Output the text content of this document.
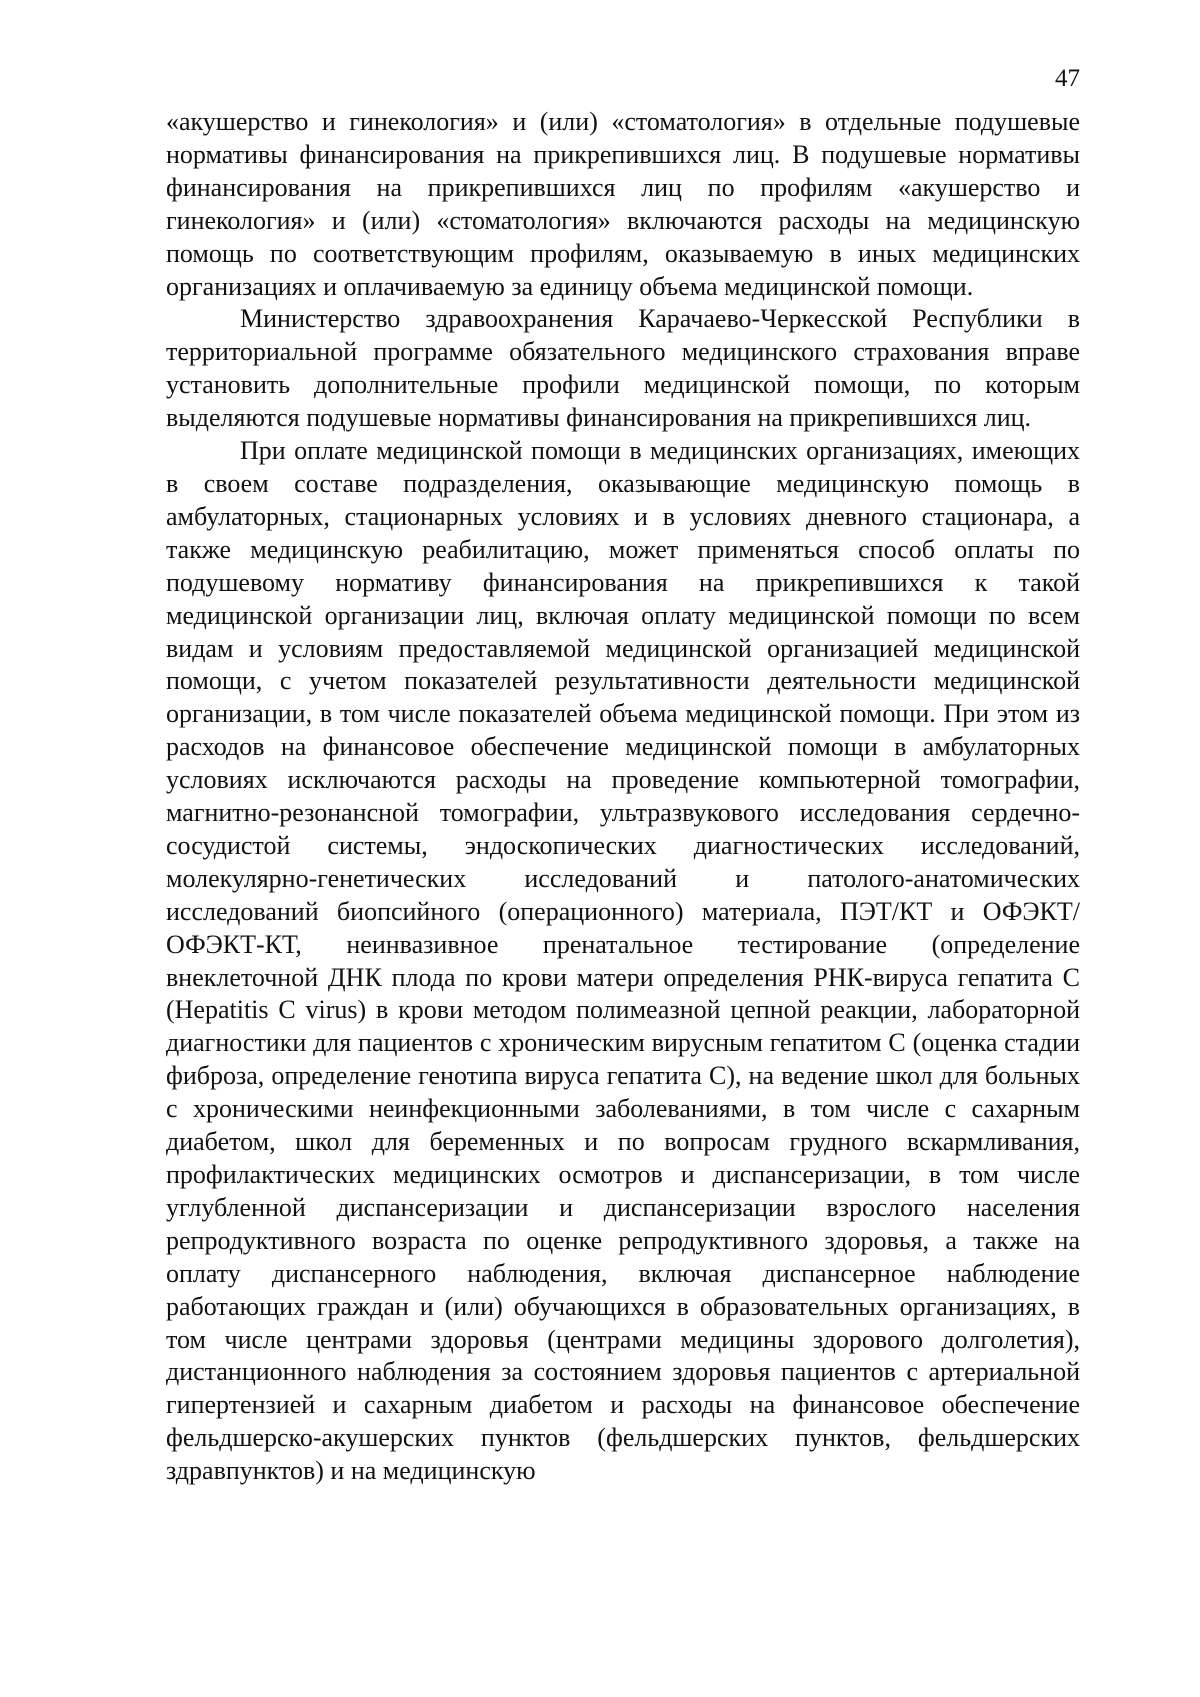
47

«акушерство и гинекология» и (или) «стоматология» в отдельные подушевые нормативы финансирования на прикрепившихся лиц. В подушевые нормативы финансирования на прикрепившихся лиц по профилям «акушерство и гинекология» и (или) «стоматология» включаются расходы на медицинскую помощь по соответствующим профилям, оказываемую в иных медицинских организациях и оплачиваемую за единицу объема медицинской помощи.

Министерство здравоохранения Карачаево-Черкесской Республики в территориальной программе обязательного медицинского страхования вправе установить дополнительные профили медицинской помощи, по которым выделяются подушевые нормативы финансирования на прикрепившихся лиц.

При оплате медицинской помощи в медицинских организациях, имеющих в своем составе подразделения, оказывающие медицинскую помощь в амбулаторных, стационарных условиях и в условиях дневного стационара, а также медицинскую реабилитацию, может применяться способ оплаты по подушевому нормативу финансирования на прикрепившихся к такой медицинской организации лиц, включая оплату медицинской помощи по всем видам и условиям предоставляемой медицинской организацией медицинской помощи, с учетом показателей результативности деятельности медицинской организации, в том числе показателей объема медицинской помощи. При этом из расходов на финансовое обеспечение медицинской помощи в амбулаторных условиях исключаются расходы на проведение компьютерной томографии, магнитно-резонансной томографии, ультразвукового исследования сердечно-сосудистой системы, эндоскопических диагностических исследований, молекулярно-генетических исследований и патолого-анатомических исследований биопсийного (операционного) материала, ПЭТ/КТ и ОФЭКТ/ОФЭКТ-КТ, неинвазивное пренатальное тестирование (определение внеклеточной ДНК плода по крови матери определения РНК-вируса гепатита С (Hepatitis C virus) в крови методом полимеазной цепной реакции, лабораторной диагностики для пациентов с хроническим вирусным гепатитом С (оценка стадии фиброза, определение генотипа вируса гепатита С), на ведение школ для больных с хроническими неинфекционными заболеваниями, в том числе с сахарным диабетом, школ для беременных и по вопросам грудного вскармливания, профилактических медицинских осмотров и диспансеризации, в том числе углубленной диспансеризации и диспансеризации взрослого населения репродуктивного возраста по оценке репродуктивного здоровья, а также на оплату диспансерного наблюдения, включая диспансерное наблюдение работающих граждан и (или) обучающихся в образовательных организациях, в том числе центрами здоровья (центрами медицины здорового долголетия), дистанционного наблюдения за состоянием здоровья пациентов с артериальной гипертензией и сахарным диабетом и расходы на финансовое обеспечение фельдшерско-акушерских пунктов (фельдшерских пунктов, фельдшерских здравпунктов) и на медицинскую
